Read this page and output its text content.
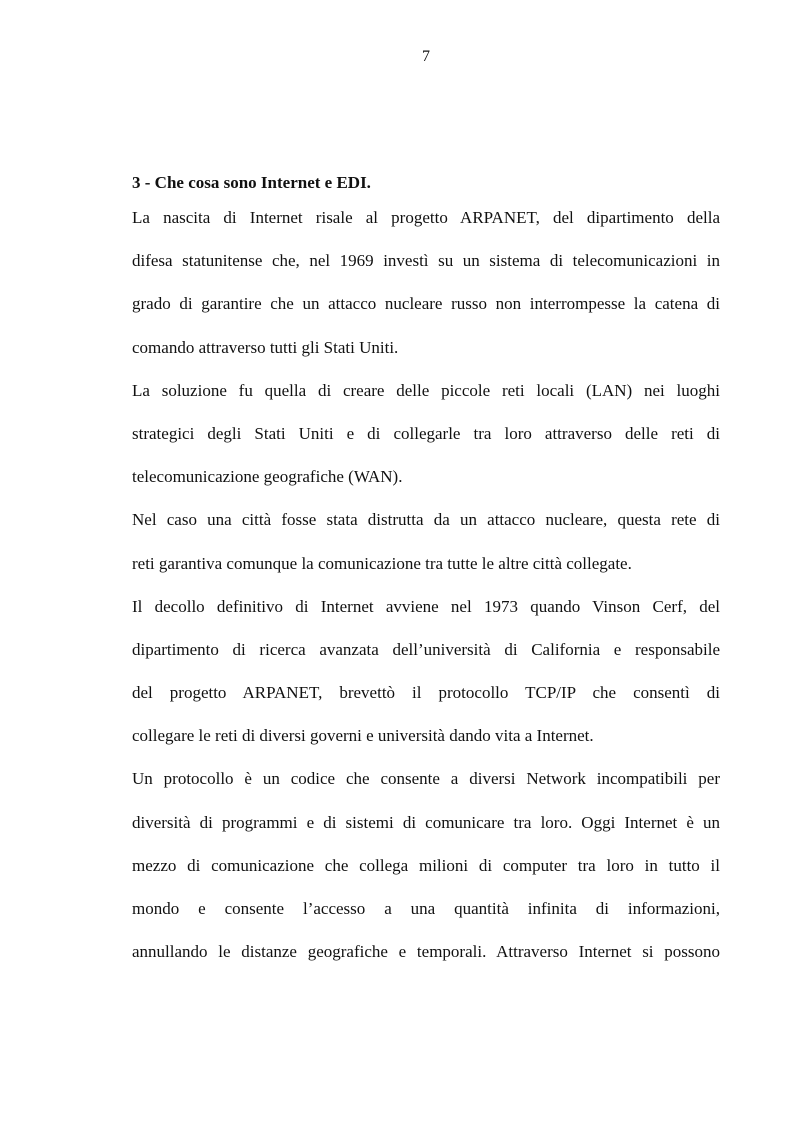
7
3 - Che cosa sono Internet e EDI.
La nascita di Internet risale al progetto ARPANET, del dipartimento della
difesa statunitense che, nel 1969 investì su un sistema di telecomunicazioni in
grado di garantire che un attacco nucleare russo non interrompesse la catena di
comando attraverso tutti gli Stati Uniti.
La soluzione fu quella di creare delle piccole reti locali (LAN) nei luoghi
strategici degli Stati Uniti e di collegarle tra loro attraverso delle reti di
telecomunicazione geografiche (WAN).
Nel caso una città fosse stata distrutta da un attacco nucleare, questa rete di
reti garantiva comunque la comunicazione tra tutte le altre città collegate.
Il decollo definitivo di Internet avviene nel 1973 quando Vinson Cerf, del
dipartimento di ricerca avanzata dell’università di California e responsabile
del progetto ARPANET, brevettò il protocollo TCP/IP che consentì di
collegare le reti di diversi governi e università dando vita a Internet.
Un protocollo è un codice che consente a diversi Network incompatibili per
diversità di programmi e di sistemi di comunicare tra loro. Oggi Internet è un
mezzo di comunicazione che collega milioni di computer tra loro in tutto il
mondo e consente l’accesso a una quantità infinita di informazioni,
annullando le distanze geografiche e temporali. Attraverso Internet si possono
